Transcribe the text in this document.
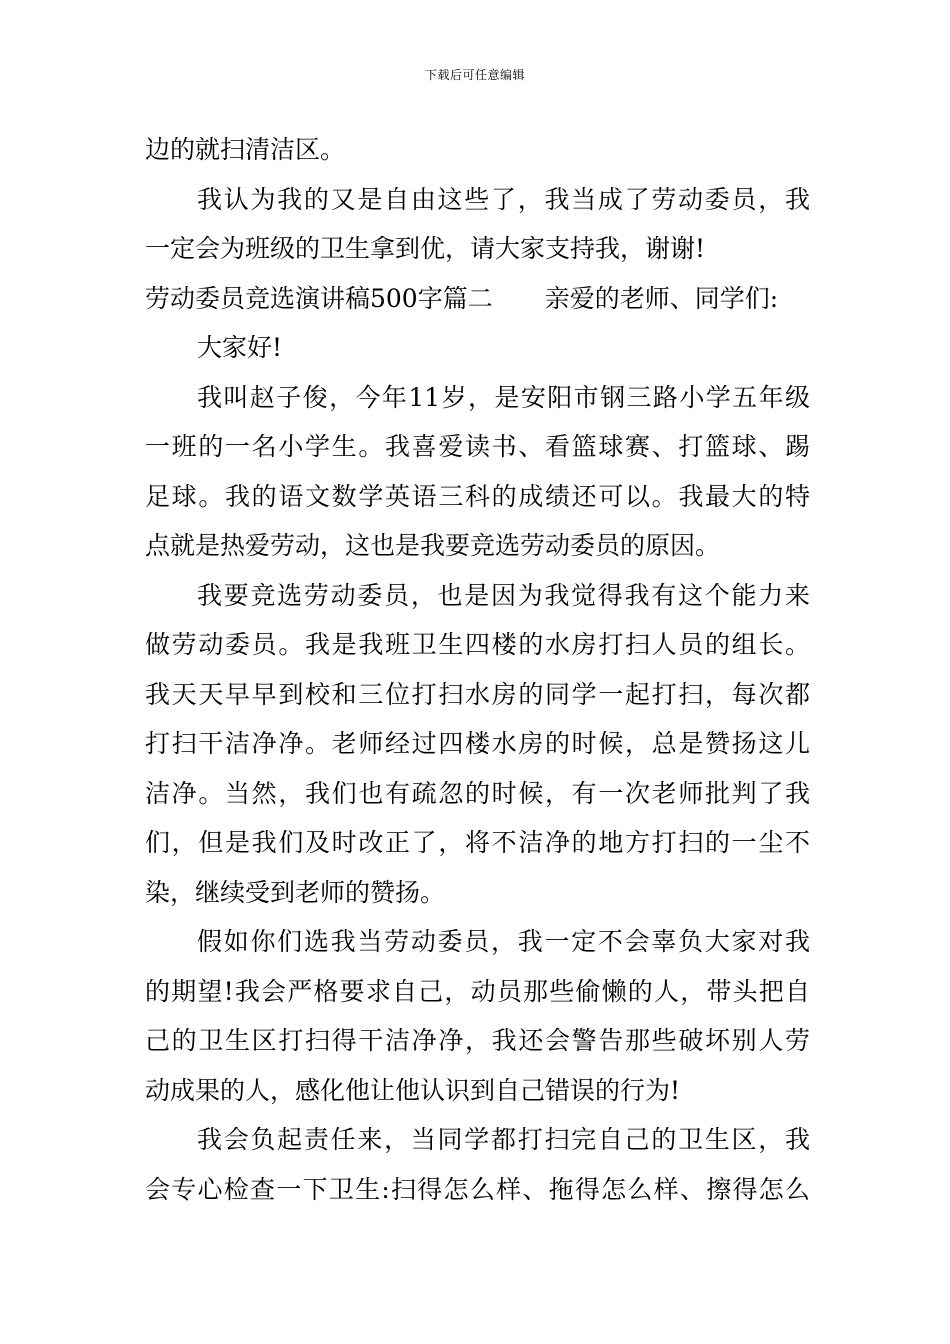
下载后可任意编辑
边的就扫清洁区。
我认为我的又是自由这些了，我当成了劳动委员，我
一定会为班级的卫生拿到优，请大家支持我，谢谢!
劳动委员竞选演讲稿500字篇二 亲爱的老师、同学们:
大家好!
我叫赵子俊，今年11岁，是安阳市钢三路小学五年级
一班的一名小学生。我喜爱读书、看篮球赛、打篮球、踢
足球。我的语文数学英语三科的成绩还可以。我最大的特
点就是热爱劳动，这也是我要竞选劳动委员的原因。
我要竞选劳动委员，也是因为我觉得我有这个能力来
做劳动委员。我是我班卫生四楼的水房打扫人员的组长。
我天天早早到校和三位打扫水房的同学一起打扫，每次都
打扫干洁净净。老师经过四楼水房的时候，总是赞扬这儿
洁净。当然，我们也有疏忽的时候，有一次老师批判了我
们，但是我们及时改正了，将不洁净的地方打扫的一尘不
染，继续受到老师的赞扬。
假如你们选我当劳动委员，我一定不会辜负大家对我
的期望!我会严格要求自己，动员那些偷懒的人，带头把自
己的卫生区打扫得干洁净净，我还会警告那些破坏别人劳
动成果的人，感化他让他认识到自己错误的行为!
我会负起责任来，当同学都打扫完自己的卫生区，我
会专心检查一下卫生:扫得怎么样、拖得怎么样、擦得怎么
